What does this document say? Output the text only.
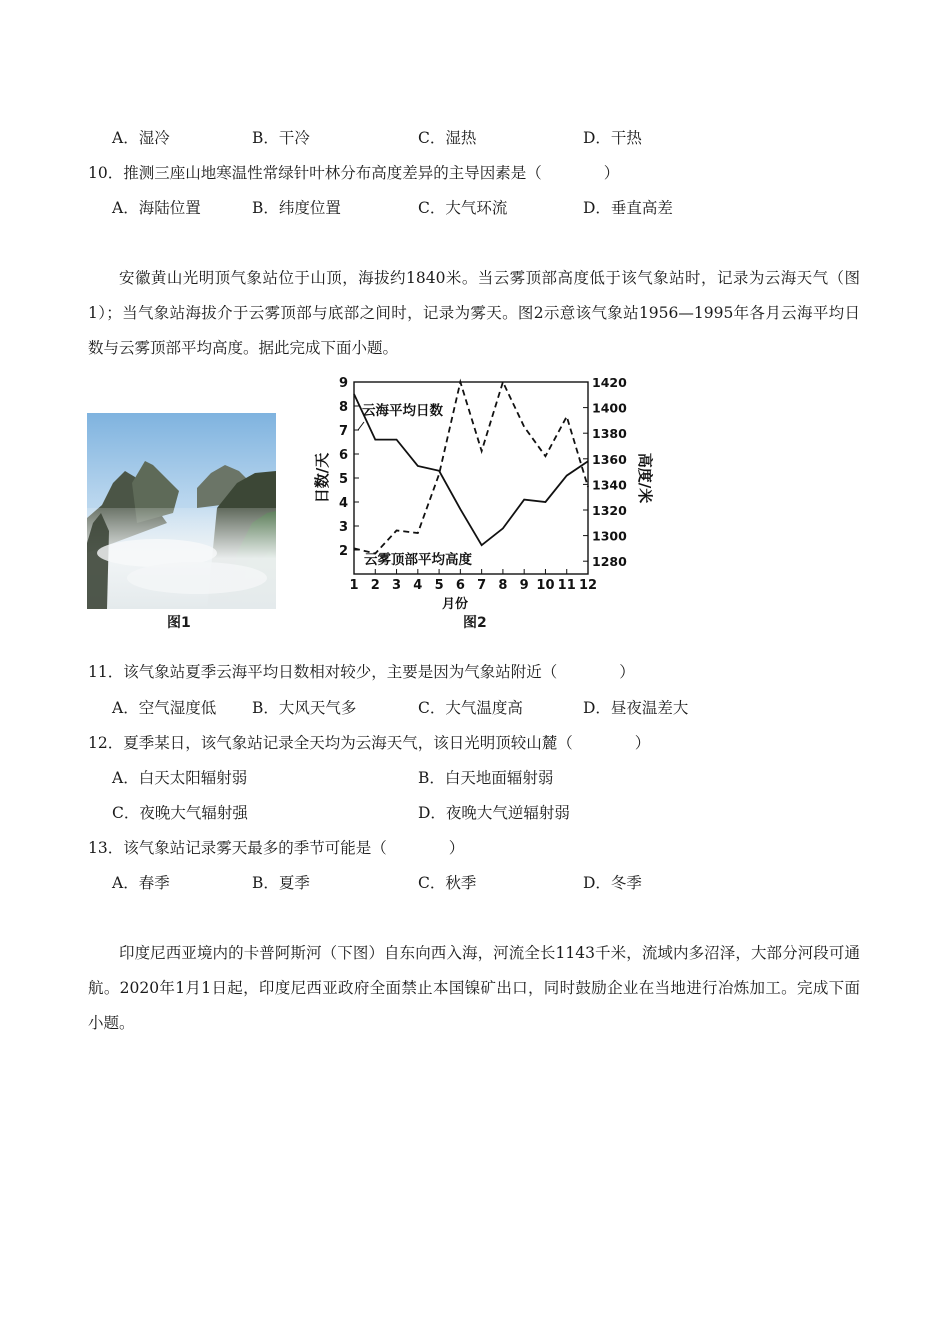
A．湿冷	B．干冷	C．湿热	D．干热
10．推测三座山地寒温性常绿针叶林分布高度差异的主导因素是（　　　　）
A．海陆位置	B．纬度位置	C．大气环流	D．垂直高差

安徽黄山光明顶气象站位于山顶，海拔约1840米。当云雾顶部高度低于该气象站时，记录为云海天气（图1）；当气象站海拔介于云雾顶部与底部之间时，记录为雾天。图2示意该气象站1956—1995年各月云海平均日数与云雾顶部平均高度。据此完成下面小题。

图1
2
3
4
5
6
7
8
9
1280
1300
1320
1340
1360
1380
1400
1420
1 2 3 4 5 6 7 8 9 10 11 12
云海平均日数
云雾顶部平均高度
月份
日数/天	高度/米
图2
11．该气象站夏季云海平均日数相对较少，主要是因为气象站附近（　　　　）
A．空气湿度低 B．大风天气多	C．大气温度高	D．昼夜温差大
12．夏季某日，该气象站记录全天均为云海天气，该日光明顶较山麓（　　　　）
A．白天太阳辐射弱	B．白天地面辐射弱
C．夜晚大气辐射强	D．夜晚大气逆辐射弱
13．该气象站记录雾天最多的季节可能是（　　　　）
A．春季	B．夏季	C．秋季	D．冬季

印度尼西亚境内的卡普阿斯河（下图）自东向西入海，河流全长1143千米，流域内多沼泽，大部分河段可通航。2020年1月1日起，印度尼西亚政府全面禁止本国镍矿出口，同时鼓励企业在当地进行冶炼加工。完成下面小题。
